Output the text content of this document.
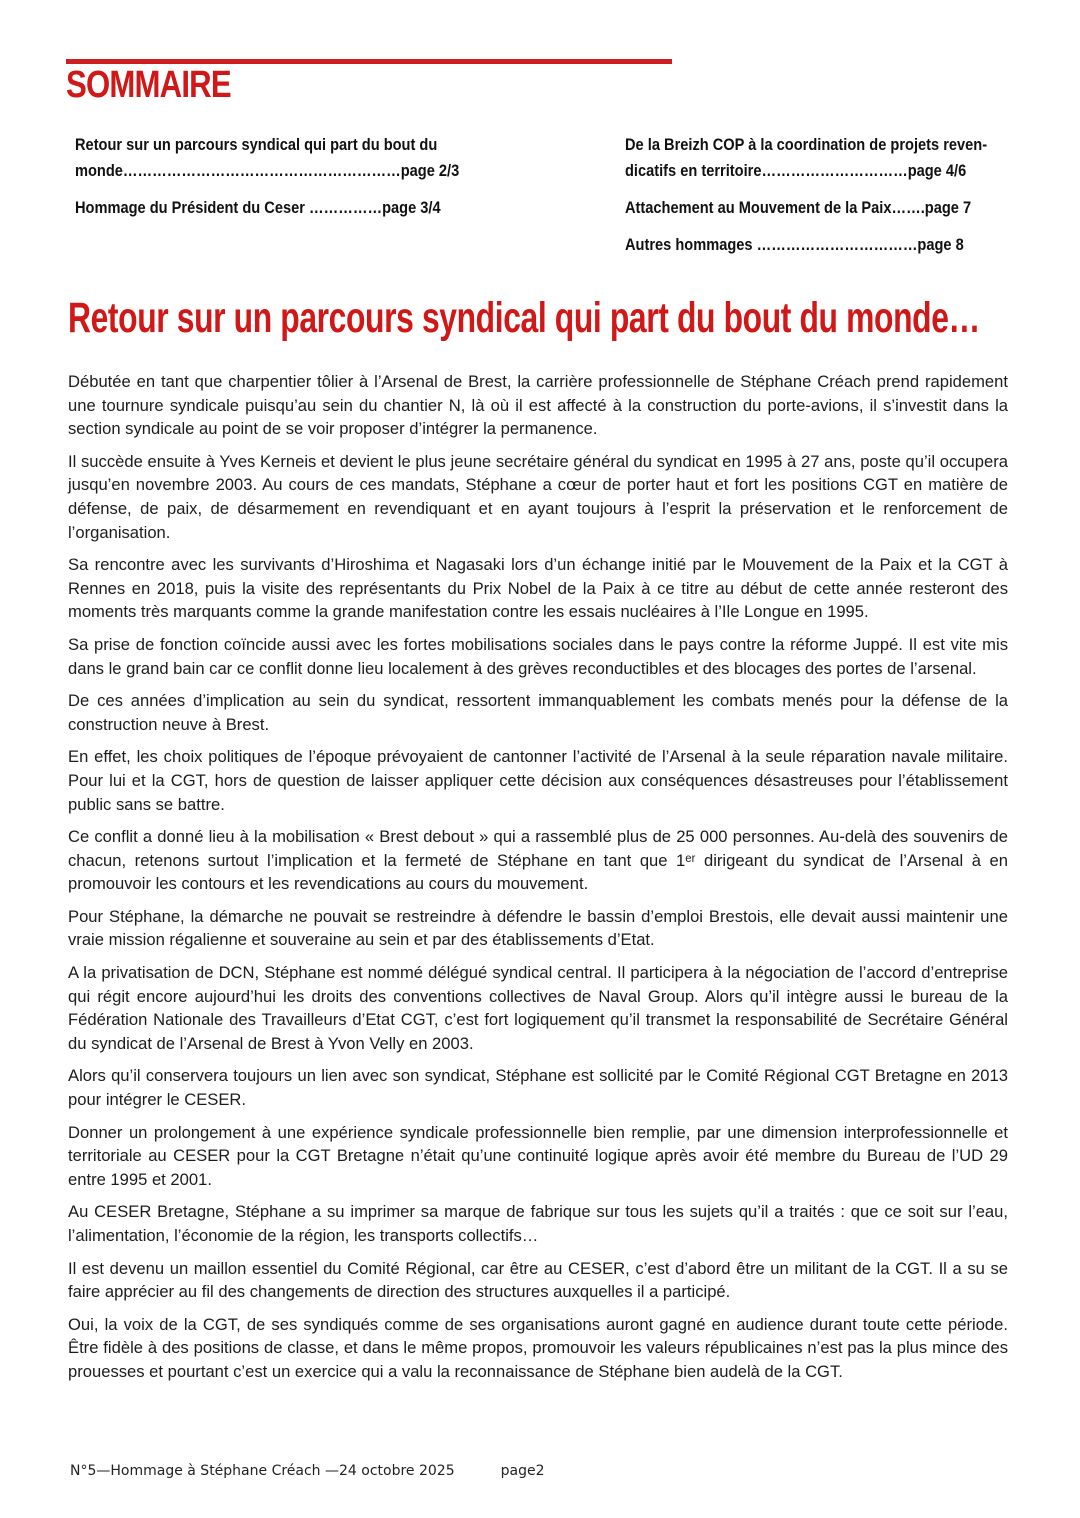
SOMMAIRE
Retour sur un parcours syndical qui part du bout du
monde…………………………………………………page 2/3
Hommage du Président du Ceser ……………page 3/4
De la Breizh COP à la coordination de projets reven-
dicatifs en territoire…………………………page 4/6
Attachement au Mouvement de la Paix…….page 7
Autres hommages ……………………………page 8
Retour sur un parcours syndical qui part du bout du monde…

Débutée en tant que charpentier tôlier à l’Arsenal de Brest, la carrière professionnelle de Stéphane Créach prend rapidement une tournure syndicale puisqu’au sein du chantier N, là où il est affecté à la construction du porte-avions, il s’investit dans la section syndicale au point de se voir proposer d’intégrer la permanence.

Il succède ensuite à Yves Kerneis et devient le plus jeune secrétaire général du syndicat en 1995 à 27 ans, poste qu’il occupera jusqu’en novembre 2003. Au cours de ces mandats, Stéphane a cœur de porter haut et fort les positions CGT en matière de défense, de paix, de désarmement en revendiquant et en ayant toujours à l’esprit la préservation et le renforcement de l’organisation.

Sa rencontre avec les survivants d’Hiroshima et Nagasaki lors d’un échange initié par le Mouvement de la Paix et la CGT à Rennes en 2018, puis la visite des représentants du Prix Nobel de la Paix à ce titre au début de cette année resteront des moments très marquants comme la grande manifestation contre les essais nucléaires à l’Ile Longue en 1995.

Sa prise de fonction coïncide aussi avec les fortes mobilisations sociales dans le pays contre la réforme Juppé. Il est vite mis dans le grand bain car ce conflit donne lieu localement à des grèves reconductibles et des blocages des portes de l’arsenal.

De ces années d’implication au sein du syndicat, ressortent immanquablement les combats menés pour la défense de la construction neuve à Brest.

En effet, les choix politiques de l’époque prévoyaient de cantonner l’activité de l’Arsenal à la seule réparation navale militaire. Pour lui et la CGT, hors de question de laisser appliquer cette décision aux conséquences désastreuses pour l’établissement public sans se battre.

Ce conflit a donné lieu à la mobilisation « Brest debout » qui a rassemblé plus de 25 000 personnes. Au-delà des souvenirs de chacun, retenons surtout l’implication et la fermeté de Stéphane en tant que 1ᵉʳ dirigeant du syndicat de l’Arsenal à en promouvoir les contours et les revendications au cours du mouvement.

Pour Stéphane, la démarche ne pouvait se restreindre à défendre le bassin d’emploi Brestois, elle devait aussi maintenir une vraie mission régalienne et souveraine au sein et par des établissements d’Etat.

A la privatisation de DCN, Stéphane est nommé délégué syndical central. Il participera à la négociation de l’accord d’entreprise qui régit encore aujourd’hui les droits des conventions collectives de Naval Group. Alors qu’il intègre aussi le bureau de la Fédération Nationale des Travailleurs d’Etat CGT, c’est fort logiquement qu’il transmet la responsabilité de Secrétaire Général du syndicat de l’Arsenal de Brest à Yvon Velly en 2003.

Alors qu’il conservera toujours un lien avec son syndicat, Stéphane est sollicité par le Comité Régional CGT Bretagne en 2013 pour intégrer le CESER.

Donner un prolongement à une expérience syndicale professionnelle bien remplie, par une dimension interprofessionnelle et territoriale au CESER pour la CGT Bretagne n’était qu’une continuité logique après avoir été membre du Bureau de l’UD 29 entre 1995 et 2001.

Au CESER Bretagne, Stéphane a su imprimer sa marque de fabrique sur tous les sujets qu’il a traités : que ce soit sur l’eau, l’alimentation, l’économie de la région, les transports collectifs…

Il est devenu un maillon essentiel du Comité Régional, car être au CESER, c’est d’abord être un militant de la CGT. Il a su se faire apprécier au fil des changements de direction des structures auxquelles il a participé.

Oui, la voix de la CGT, de ses syndiqués comme de ses organisations auront gagné en audience durant toute cette période. Être fidèle à des positions de classe, et dans le même propos, promouvoir les valeurs républicaines n’est pas la plus mince des prouesses et pourtant c’est un exercice qui a valu la reconnaissance de Stéphane bien audelà de la CGT.

N°5—Hommage à Stéphane Créach —24 octobre 2025	page2
